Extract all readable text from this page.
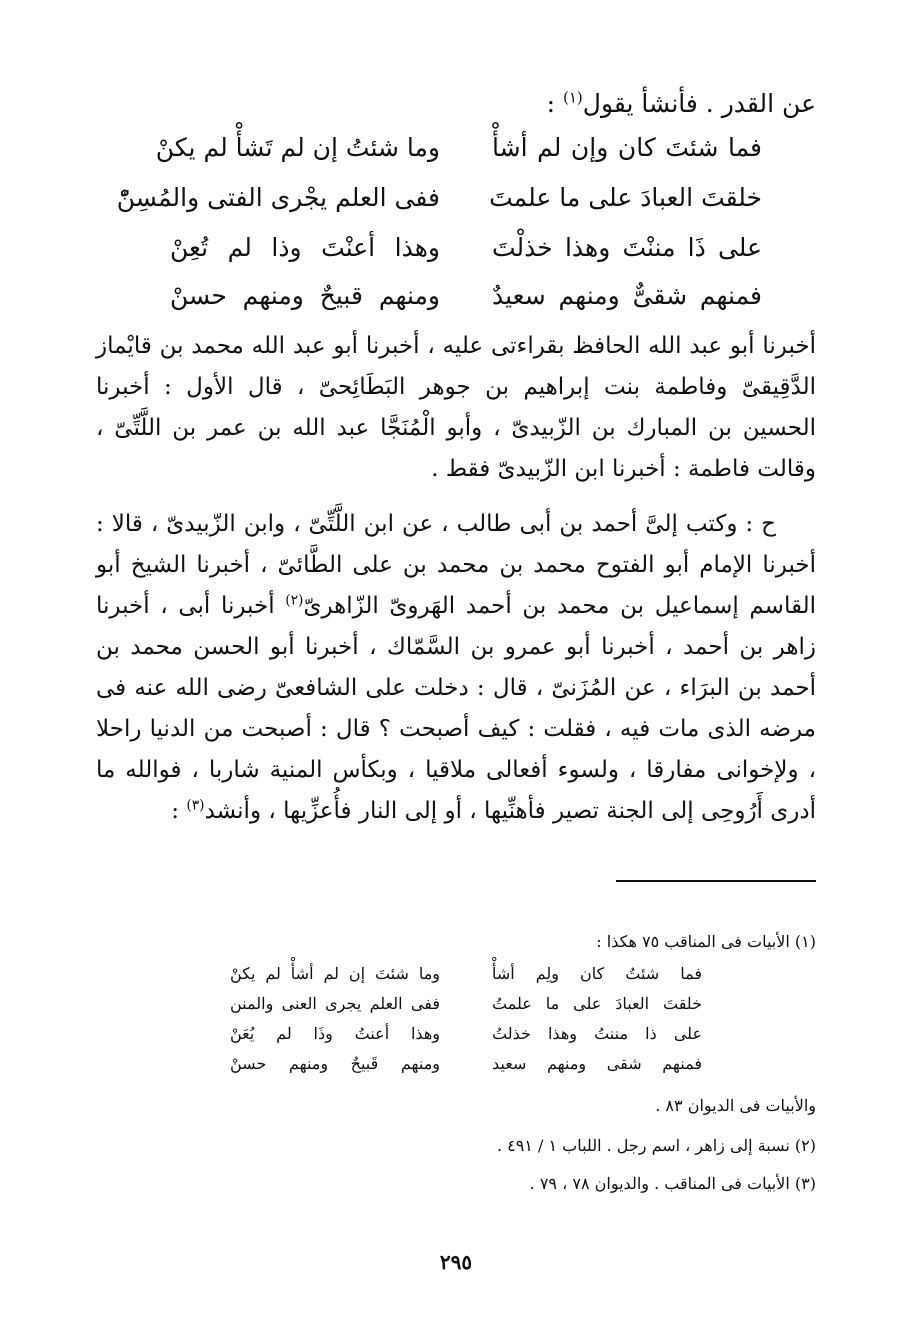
عن القدر . فأنشأ يقول$^{(١)}$ :
فما شئتَ كان وإن لم أشأْ
وما شئتُ إن لم تَشأْ لم يكنْ
خلقتَ العبادَ على ما علمتَ
ففى العلم يجْرى الفتى والمُسِنّْ
على ذَا مننْتَ وهذا خذلْتَ
وهذا أعنْتَ وذا لم تُعِنْ
فمنهم شقىٌّ ومنهم سعيدٌ
ومنهم قبيحٌ ومنهم حسنْ
أخبرنا أبو عبد الله الحافظ بقراءتى عليه ، أخبرنا أبو عبد الله محمد بن قايْماز الدَّقِيقىّ وفاطمة بنت إبراهيم بن جوهر البَطَائِحىّ ، قال الأول : أخبرنا الحسين بن المبارك بن الزّبيدىّ ، وأبو الْمُنَجَّا عبد الله بن عمر بن اللَّتِّىّ ، وقالت فاطمة : أخبرنا ابن الزّبيدىّ فقط .
ح : وكتب إلىَّ أحمد بن أبى طالب ، عن ابن اللَّتِّىّ ، وابن الزّبيدىّ ، قالا : أخبرنا الإمام أبو الفتوح محمد بن محمد بن على الطَّائىّ ، أخبرنا الشيخ أبو القاسم إسماعيل بن محمد بن أحمد الهَروىّ الزّاهرىّ$^{(٢)}$ أخبرنا أبى ، أخبرنا زاهر بن أحمد ، أخبرنا أبو عمرو بن السَّمّاك ، أخبرنا أبو الحسن محمد بن أحمد بن البرَاء ، عن المُزَنىّ ، قال : دخلت على الشافعىّ رضى الله عنه فى مرضه الذى مات فيه ، فقلت : كيف أصبحت ؟ قال : أصبحت من الدنيا راحلا ، ولإخوانى مفارقا ، ولسوء أفعالى ملاقيا ، وبكأس المنية شاربا ، فوالله ما أدرى أَرُوحِى إلى الجنة تصير فأهنِّيها ، أو إلى النار فأُعزِّيها ، وأنشد$^{(٣)}$ :
(١) الأبيات فى المناقب ٧٥ هكذا :
فما شئتُ كان ولِم أشأْ
وما شئتَ إن لم أشأْ لم يكنْ
خلقتَ العبادَ على ما علمتُ
ففى العلم يجرى العنى والمنن
على ذا مننتُ وهذا خذلتُ
وهذا أعنتُ وذَا لم يُعَنْ
فمنهم شقى ومنهم سعيد
ومنهم قَبيحٌ ومنهم حسنْ
والأبيات فى الديوان ٨٣ .
(٢) نسبة إلى زاهر ، اسم رجل . اللباب ١ / ٤٩١ .
(٣) الأبيات فى المناقب . والديوان ٧٨ ، ٧٩ .
٢٩٥
